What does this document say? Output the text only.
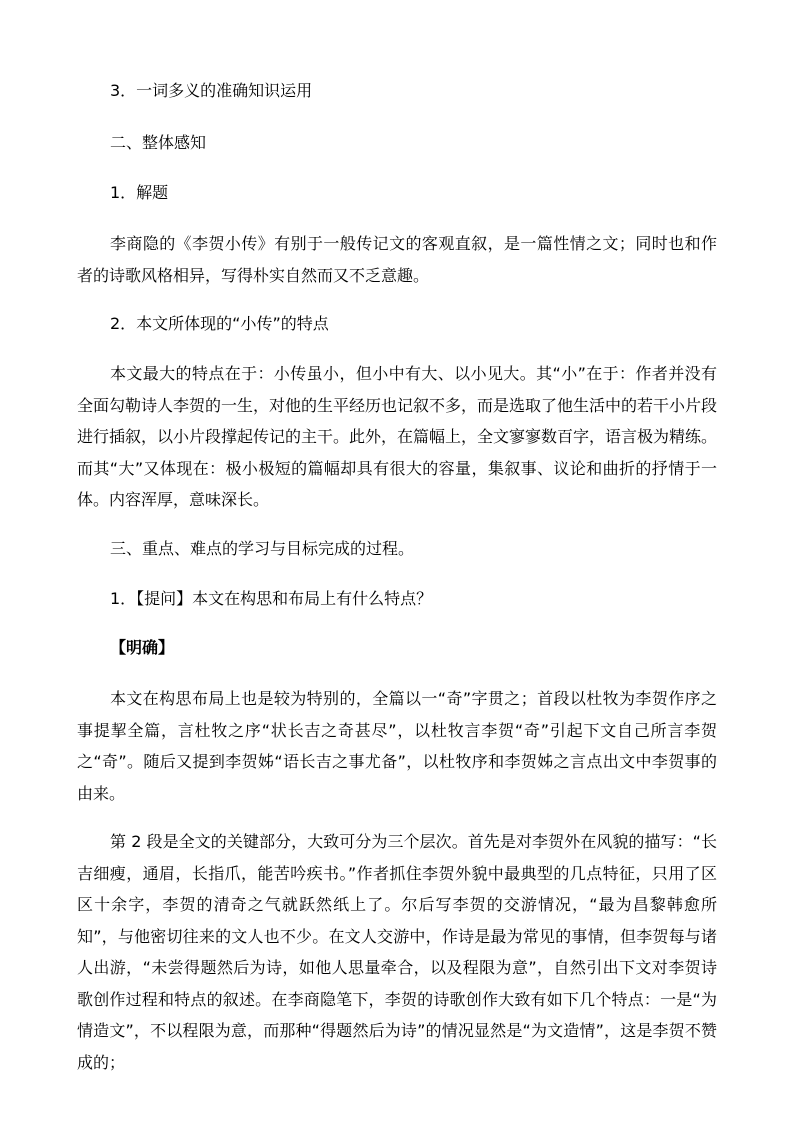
3．一词多义的准确知识运用
二、整体感知
1．解题
李商隐的《李贺小传》有别于一般传记文的客观直叙，是一篇性情之文；同时也和作者的诗歌风格相异，写得朴实自然而又不乏意趣。
2．本文所体现的“小传”的特点
本文最大的特点在于：小传虽小，但小中有大、以小见大。其“小”在于：作者并没有全面勾勒诗人李贺的一生，对他的生平经历也记叙不多，而是选取了他生活中的若干小片段进行插叙，以小片段撑起传记的主干。此外，在篇幅上，全文寥寥数百字，语言极为精练。而其“大”又体现在：极小极短的篇幅却具有很大的容量，集叙事、议论和曲折的抒情于一体。内容浑厚，意味深长。
三、重点、难点的学习与目标完成的过程。
1．【提问】本文在构思和布局上有什么特点？
【明确】
本文在构思布局上也是较为特别的，全篇以一“奇”字贯之；首段以杜牧为李贺作序之事提挈全篇，言杜牧之序“状长吉之奇甚尽”，以杜牧言李贺“奇”引起下文自己所言李贺之“奇”。随后又提到李贺姊“语长吉之事尤备”，以杜牧序和李贺姊之言点出文中李贺事的由来。
第 2 段是全文的关键部分，大致可分为三个层次。首先是对李贺外在风貌的描写：“长吉细瘦，通眉，长指爪，能苦吟疾书。”作者抓住李贺外貌中最典型的几点特征，只用了区区十余字，李贺的清奇之气就跃然纸上了。尔后写李贺的交游情况，“最为昌黎韩愈所知”，与他密切往来的文人也不少。在文人交游中，作诗是最为常见的事情，但李贺每与诸人出游，“未尝得题然后为诗，如他人思量牵合，以及程限为意”，自然引出下文对李贺诗歌创作过程和特点的叙述。在李商隐笔下，李贺的诗歌创作大致有如下几个特点：一是“为情造文”，不以程限为意，而那种“得题然后为诗”的情况显然是“为文造情”，这是李贺不赞成的；
